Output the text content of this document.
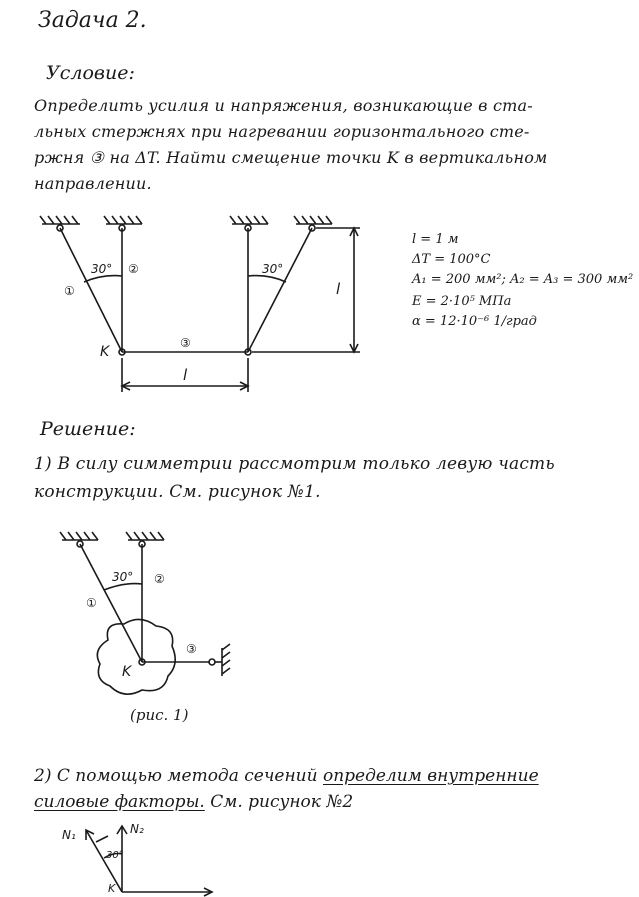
Задача 2.
Условие:
Определить усилия и напряжения, возникающие в ста-
льных стержнях при нагревании горизонтального сте-
ржня ③ на ΔT. Найти смещение точки K в вертикальном
направлении.
30°	30°
①
②
③
K
l
l
l = 1 м
ΔT = 100°C
A₁ = 200 мм²; A₂ = A₃ = 300 мм²
E = 2·10⁵ МПа
α = 12·10⁻⁶ 1/град
Решение:
1) В силу симметрии рассмотрим только левую часть
конструкции. См. рисунок №1.
30°
①
②
③
K
(рис. 1)
2) С помощью метода сечений определим внутренние
силовые факторы. См. рисунок №2
N₁	N₂
30°
K
